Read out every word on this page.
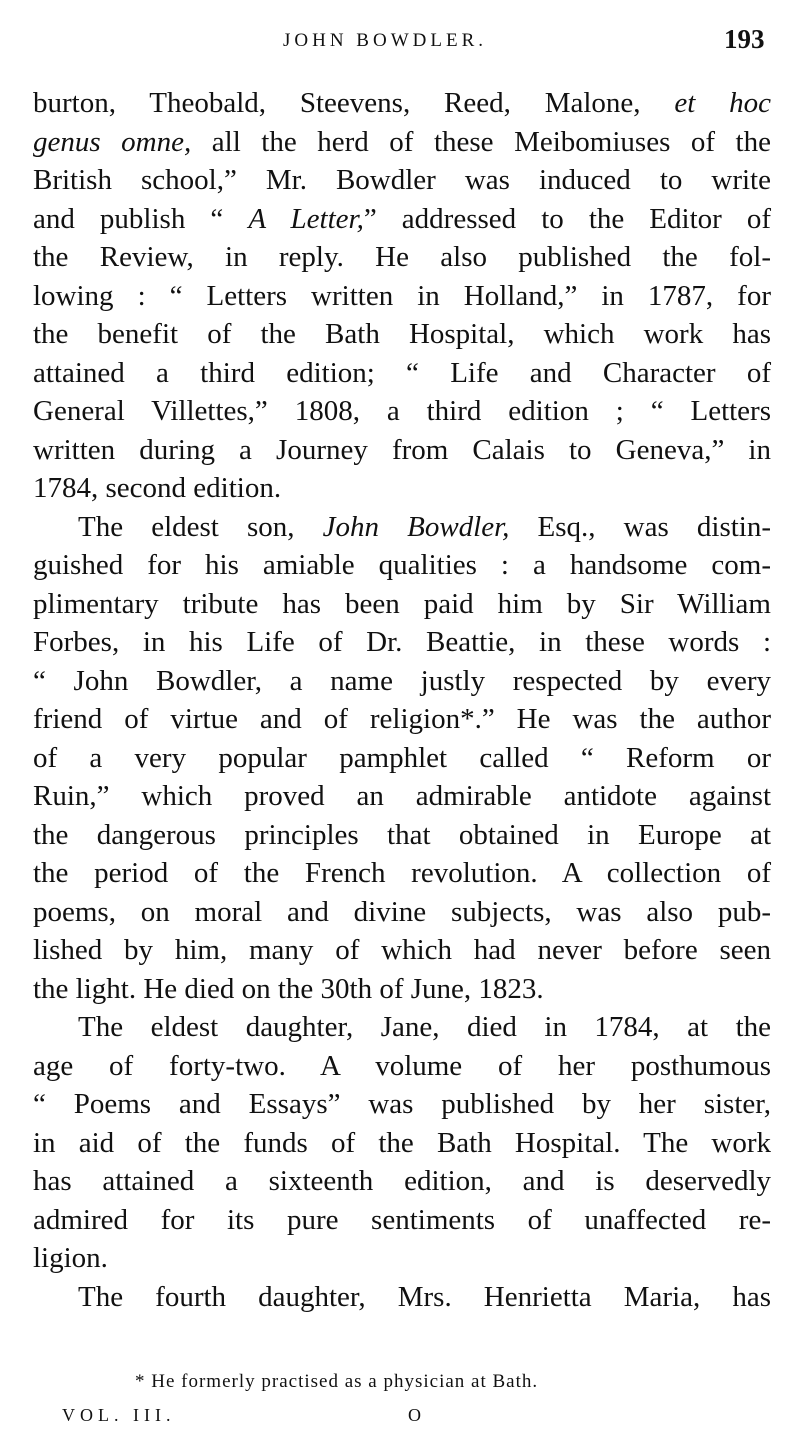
JOHN BOWDLER.	193
burton, Theobald, Steevens, Reed, Malone, et hoc
genus omne, all the herd of these Meibomiuses of the
British school,” Mr. Bowdler was induced to write
and publish “ A Letter,” addressed to the Editor of
the Review, in reply. He also published the fol-
lowing : “ Letters written in Holland,” in 1787, for
the benefit of the Bath Hospital, which work has
attained a third edition; “ Life and Character of
General Villettes,” 1808, a third edition ; “ Letters
written during a Journey from Calais to Geneva,” in
1784, second edition.
The eldest son, John Bowdler, Esq., was distin-
guished for his amiable qualities : a handsome com-
plimentary tribute has been paid him by Sir William
Forbes, in his Life of Dr. Beattie, in these words :
“ John Bowdler, a name justly respected by every
friend of virtue and of religion*.” He was the author
of a very popular pamphlet called “ Reform or
Ruin,” which proved an admirable antidote against
the dangerous principles that obtained in Europe at
the period of the French revolution. A collection of
poems, on moral and divine subjects, was also pub-
lished by him, many of which had never before seen
the light. He died on the 30th of June, 1823.
The eldest daughter, Jane, died in 1784, at the
age of forty-two. A volume of her posthumous
“ Poems and Essays” was published by her sister,
in aid of the funds of the Bath Hospital. The work
has attained a sixteenth edition, and is deservedly
admired for its pure sentiments of unaffected re-
ligion.
The fourth daughter, Mrs. Henrietta Maria, has
* He formerly practised as a physician at Bath.
VOL. III.	O
